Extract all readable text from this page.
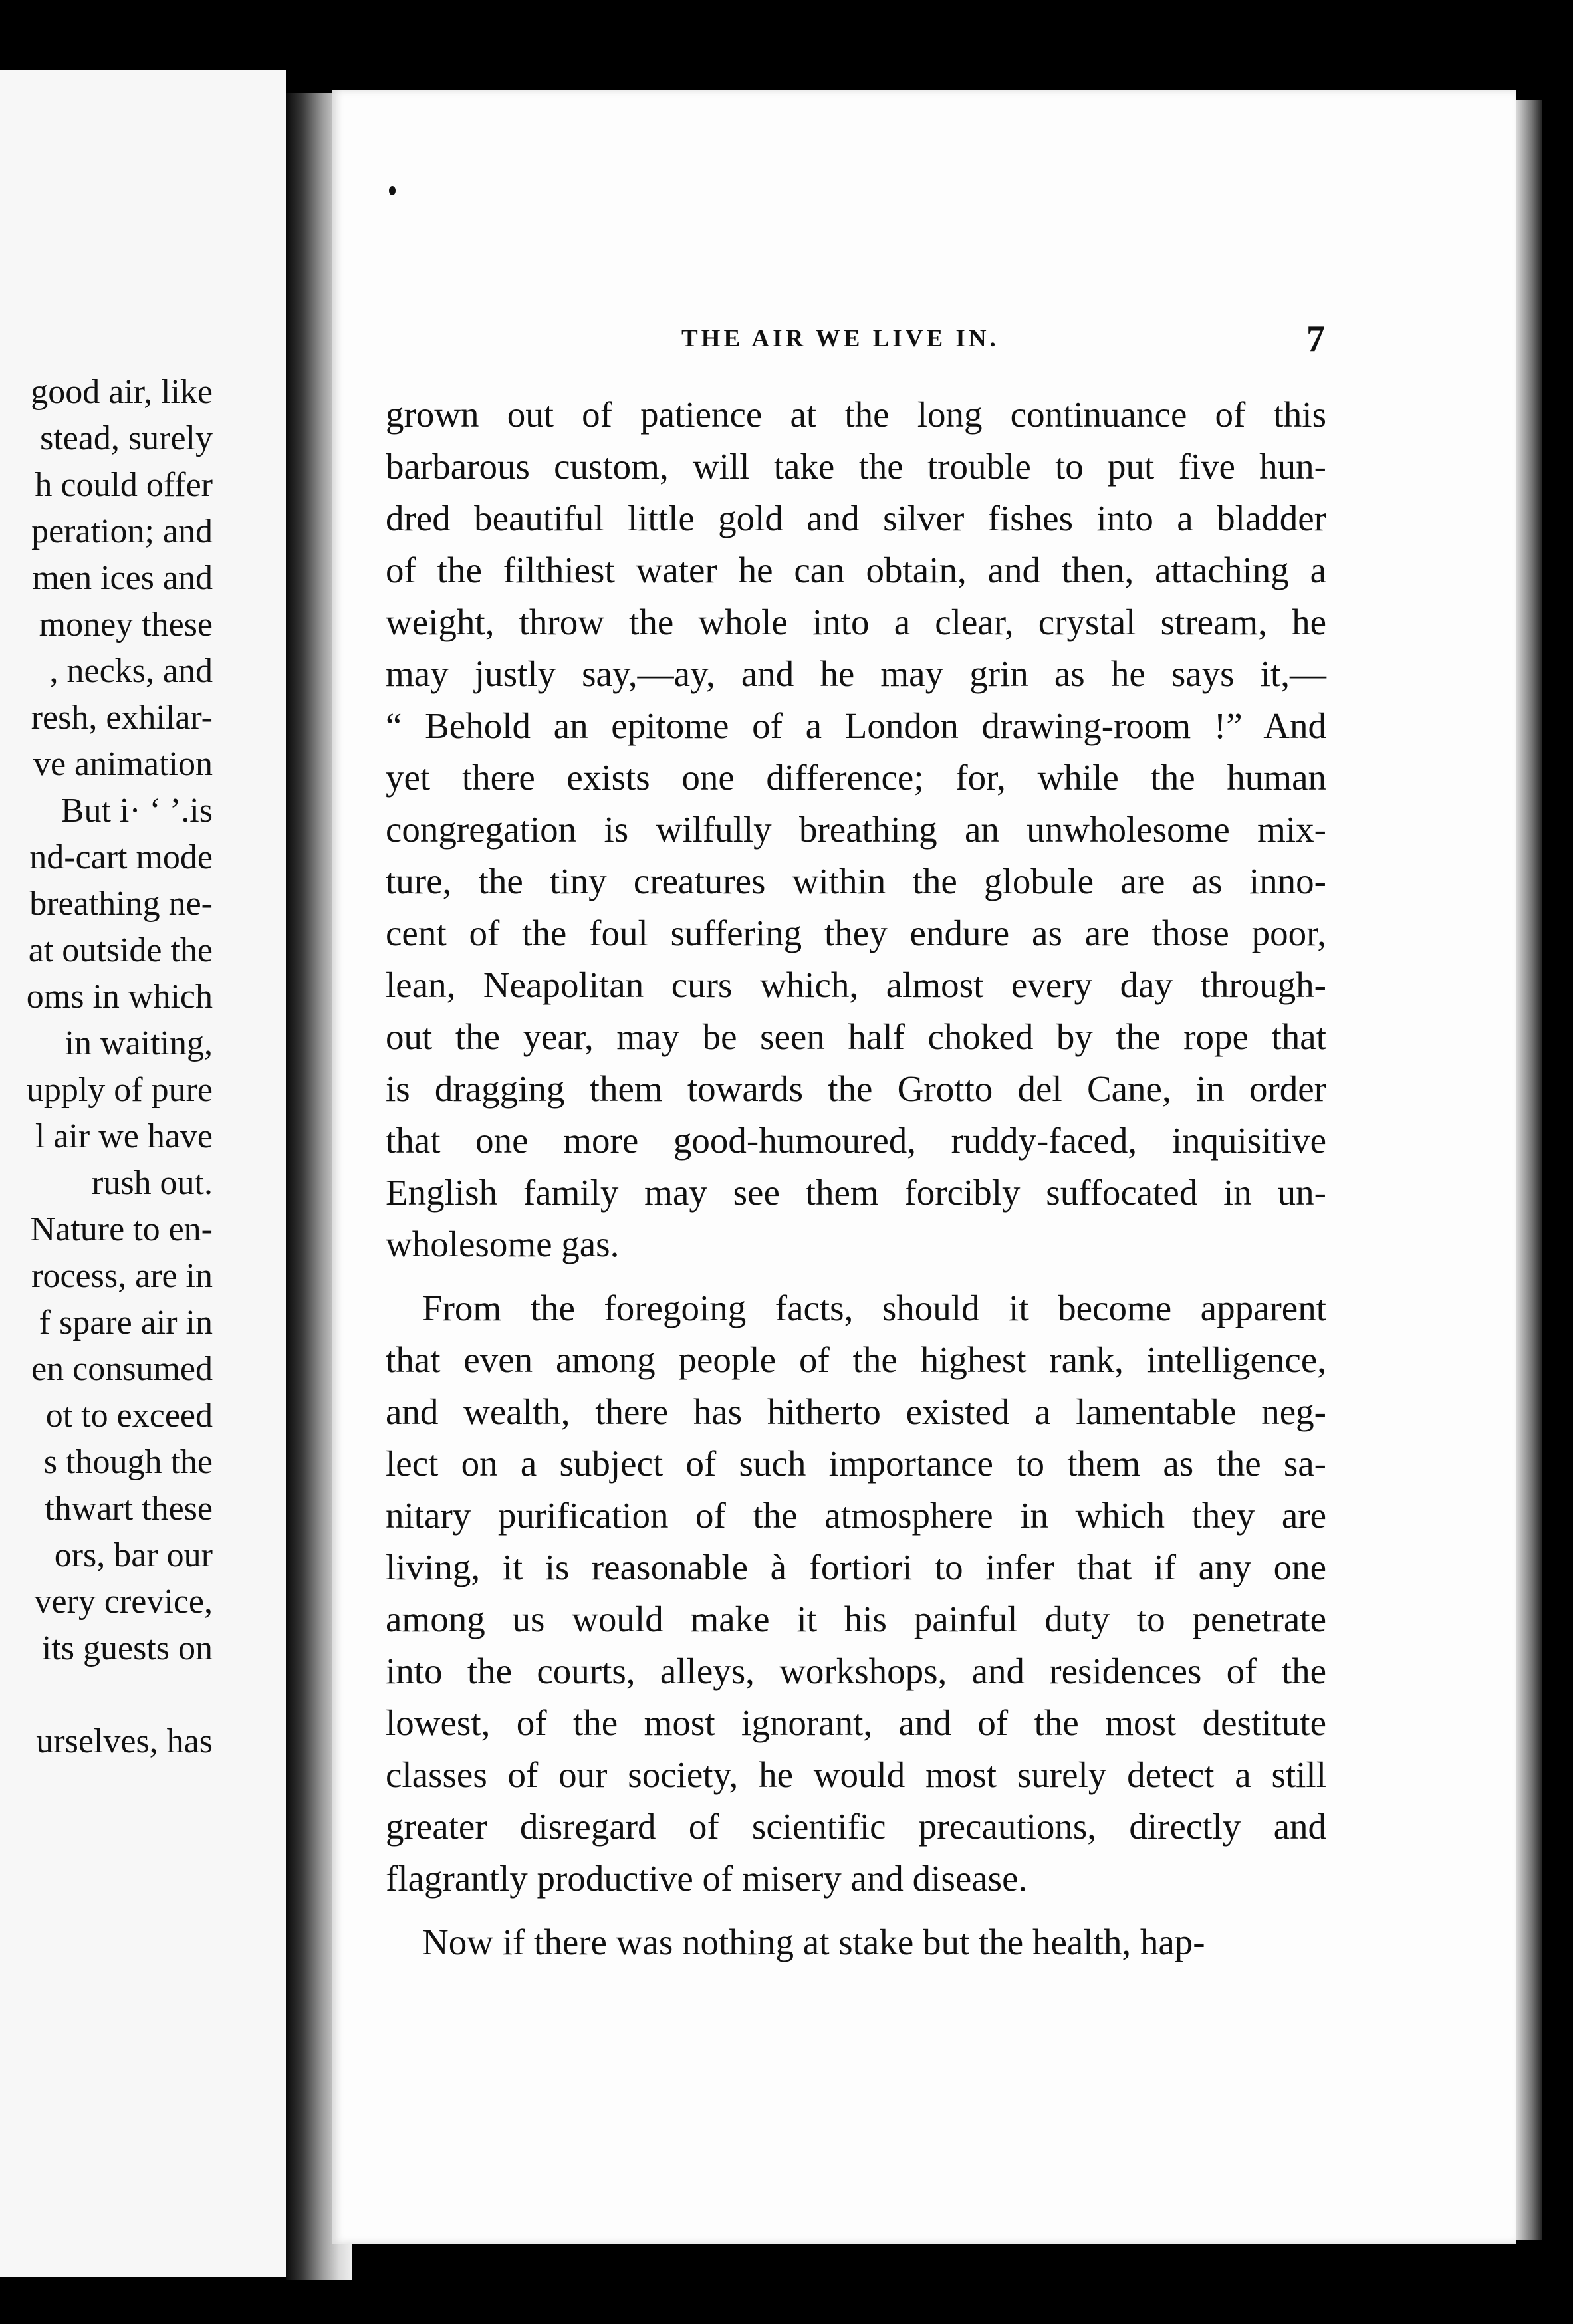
good air, like
stead, surely
h could offer
peration; and
men ices and
money these
, necks, and
resh, exhilar-
ve animation
But i· ‘ ’.is
nd-cart mode
breathing ne-
at outside the
oms in which
in waiting,
upply of pure
l air we have
rush out.
Nature to en-
rocess, are in
f spare air in
en consumed
ot to exceed
s though the
thwart these
ors, bar our
very crevice,
its guests on
urselves, has
THE AIR WE LIVE IN.	7
grown out of patience at the long continuance of this
barbarous custom, will take the trouble to put five hun-
dred beautiful little gold and silver fishes into a bladder
of the filthiest water he can obtain, and then, attaching a
weight, throw the whole into a clear, crystal stream, he
may justly say,—ay, and he may grin as he says it,—
“ Behold an epitome of a London drawing-room !” And
yet there exists one difference; for, while the human
congregation is wilfully breathing an unwholesome mix-
ture, the tiny creatures within the globule are as inno-
cent of the foul suffering they endure as are those poor,
lean, Neapolitan curs which, almost every day through-
out the year, may be seen half choked by the rope that
is dragging them towards the Grotto del Cane, in order
that one more good-humoured, ruddy-faced, inquisitive
English family may see them forcibly suffocated in un-
wholesome gas.
From the foregoing facts, should it become apparent
that even among people of the highest rank, intelligence,
and wealth, there has hitherto existed a lamentable neg-
lect on a subject of such importance to them as the sa-
nitary purification of the atmosphere in which they are
living, it is reasonable à fortiori to infer that if any one
among us would make it his painful duty to penetrate
into the courts, alleys, workshops, and residences of the
lowest, of the most ignorant, and of the most destitute
classes of our society, he would most surely detect a still
greater disregard of scientific precautions, directly and
flagrantly productive of misery and disease.
Now if there was nothing at stake but the health, hap-
